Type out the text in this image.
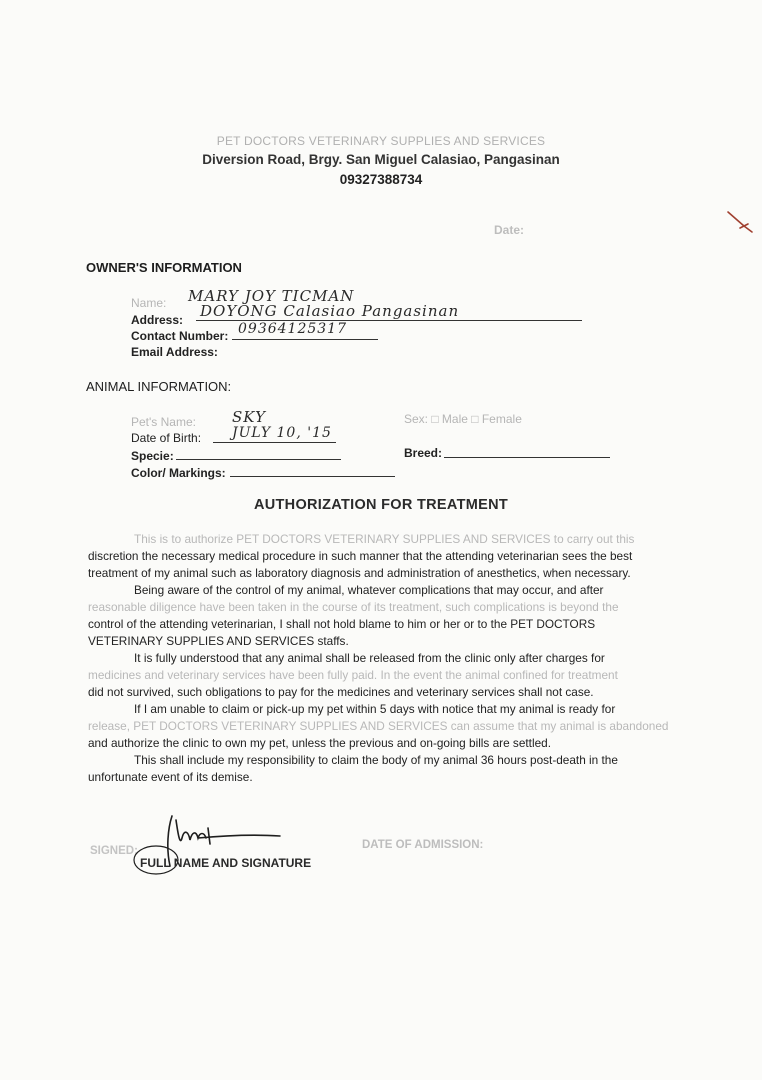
PET DOCTORS VETERINARY SUPPLIES AND SERVICES
Diversion Road, Brgy. San Miguel Calasiao, Pangasinan
09327388734
Date:
OWNER'S INFORMATION
Name: MARY JOY TICMAN
Address: DOYONG Calasiao Pangasinan
Contact Number: 09364125317
Email Address:
ANIMAL INFORMATION:
Pet's Name: SKY	Sex: □ Male □ Female
Date of Birth: JULY 10, '15
Specie:	Breed:
Color/ Markings:
AUTHORIZATION FOR TREATMENT
This is to authorize PET DOCTORS VETERINARY SUPPLIES AND SERVICES to carry out this
discretion the necessary medical procedure in such manner that the attending veterinarian sees the best
treatment of my animal such as laboratory diagnosis and administration of anesthetics, when necessary.
Being aware of the control of my animal, whatever complications that may occur, and after
reasonable diligence have been taken in the course of its treatment, such complications is beyond the
control of the attending veterinarian, I shall not hold blame to him or her or to the PET DOCTORS
VETERINARY SUPPLIES AND SERVICES staffs.
It is fully understood that any animal shall be released from the clinic only after charges for
medicines and veterinary services have been fully paid. In the event the animal confined for treatment
did not survived, such obligations to pay for the medicines and veterinary services shall not case.
If I am unable to claim or pick-up my pet within 5 days with notice that my animal is ready for
release, PET DOCTORS VETERINARY SUPPLIES AND SERVICES can assume that my animal is abandoned
and authorize the clinic to own my pet, unless the previous and on-going bills are settled.
This shall include my responsibility to claim the body of my animal 36 hours post-death in the
unfortunate event of its demise.
SIGNED:
FULL NAME AND SIGNATURE
DATE OF ADMISSION:
